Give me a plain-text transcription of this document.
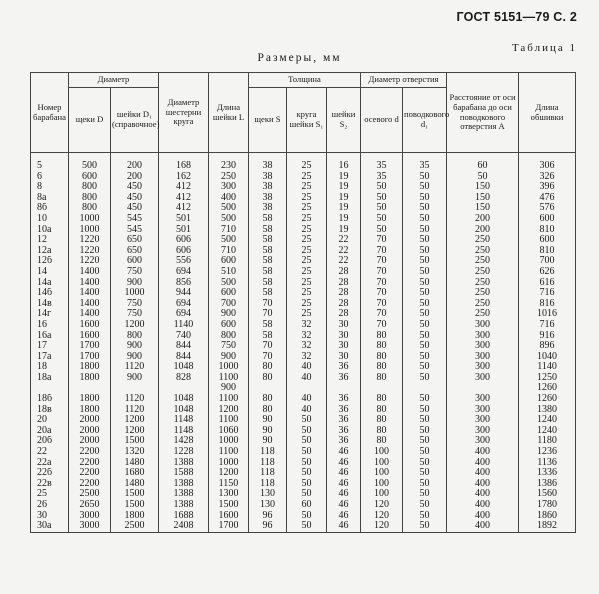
ГОСТ 5151—79 С. 2
Таблица 1
Размеры, мм
Номер барабана	Диаметр		Диаметр шестерни круга	Длина шейки L	Толщина			Диаметр отверстия		Расстояние от оси барабана до оси поводкового отверстия А	Длина обшивки
	щеки D	шейки D₁ (справочное)			щеки S	круга шейки S₁	шейки S₂	осевого d	поводкового d₁		
5	500	200	168	230	38	25	16	35	35	60	306
6	600	200	162	250	38	25	19	35	50	50	326
8	800	450	412	300	38	25	19	50	50	150	396
8а	800	450	412	400	38	25	19	50	50	150	476
8б	800	450	412	500	38	25	19	50	50	150	576
10	1000	545	501	500	58	25	19	50	50	200	600
10а	1000	545	501	710	58	25	19	50	50	200	810
12	1220	650	606	500	58	25	22	70	50	250	600
12а	1220	650	606	710	58	25	22	70	50	250	810
12б	1220	600	556	600	58	25	22	70	50	250	700
14	1400	750	694	510	58	25	28	70	50	250	626
14а	1400	900	856	500	58	25	28	70	50	250	616
14б	1400	1000	944	600	58	25	28	70	50	250	716
14в	1400	750	694	700	70	25	28	70	50	250	816
14г	1400	750	694	900	70	25	28	70	50	250	1016
16	1600	1200	1140	600	58	32	30	70	50	300	716
16а	1600	800	740	800	58	32	30	80	50	300	916
17	1700	900	844	750	70	32	30	80	50	300	896
17а	1700	900	844	900	70	32	30	80	50	300	1040
18	1800	1120	1048	1000	80	40	36	80	50	300	1140
18а	1800	900	828	1100	80	40	36	80	50	300	1250
				900							1260
18б	1800	1120	1048	1100	80	40	36	80	50	300	1260
18в	1800	1120	1048	1200	80	40	36	80	50	300	1380
20	2000	1200	1148	1100	90	50	36	80	50	300	1240
20а	2000	1200	1148	1060	90	50	36	80	50	300	1240
20б	2000	1500	1428	1000	90	50	36	80	50	300	1180
22	2200	1320	1228	1100	118	50	46	100	50	400	1236
22а	2200	1480	1388	1000	118	50	46	100	50	400	1136
22б	2200	1680	1588	1200	118	50	46	100	50	400	1336
22в	2200	1480	1388	1150	118	50	46	100	50	400	1386
25	2500	1500	1388	1300	130	50	46	100	50	400	1560
26	2650	1500	1388	1500	130	60	46	120	50	400	1780
30	3000	1800	1688	1600	96	50	46	120	50	400	1860
30а	3000	2500	2408	1700	96	50	46	120	50	400	1892
